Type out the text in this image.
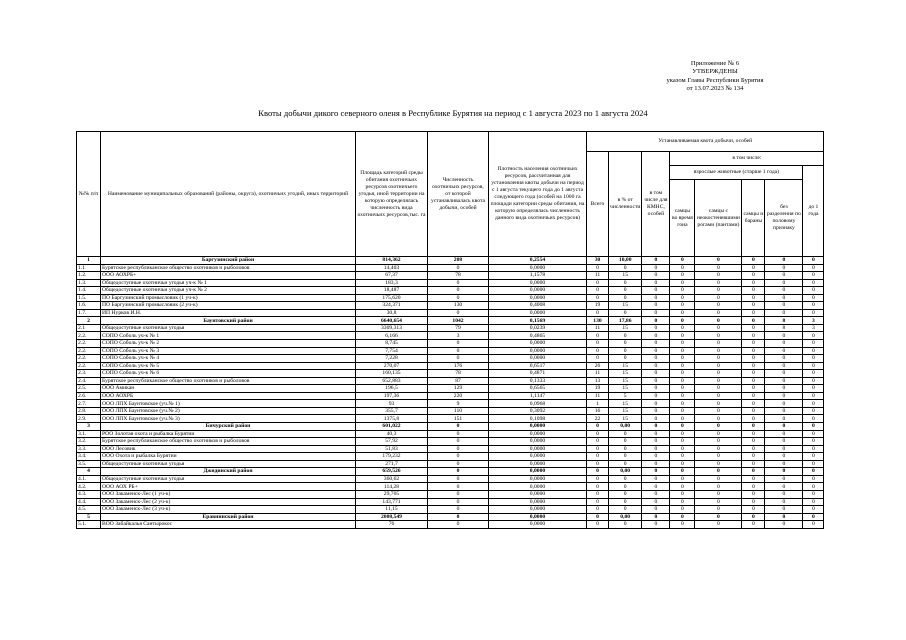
Приложение № 6
УТВЕРЖДЕНЫ
указом Главы Республики Бурятия
от 13.07.2023 № 134
Квоты добычи дикого северного оленя в Республике Бурятия на период с 1 августа 2023 по 1 августа 2024
№№ п/п	Наименование муниципальных образований (районы, округа), охотничьих угодий, иных территорий	Площадь категорий среды обитания охотничьих ресурсов охотничьего угодья, иной территории на которую определялась численность вида охотничьих ресурсов,тыс. га	Численность охотничьих ресурсов, от которой устанавливалась квота добычи, особей	Плотность населения охотничьих ресурсов, рассчитанная для установления квоты добычи на период с 1 августа текущего года до 1 августа следующего года (особей на 1000 га площади категории среды обитания, на которую определялась численность данного вида охотничьих ресурсов)	Устанавливаемая квота добычи, особей							
					Всего	в % от численности	в том числе для КМНС, особей	в том числе:				
								взрослые животные (старше 1 года)				до 1 года
								самцы во время гона	самцы с неокостеневшими рогами (пантами)	самцы и бараны	без разделения по половому признаку	
1	Баргузинский район	814,362	208	0,2554	30	10,00	0	0	0	0	0	0
1.1	Бурятское республиканское общество охотников и рыболовов	14,403	0	0,0000	0	0	0	0	0	0	0	0
1.2.	ООО АОХРБ+	67,37	78	1,1578	11	15	0	0	0	0	0	0
1.3.	Общедоступные охотничьи угодья уч-к № 1	183,3	0	0,0000	0	0	0	0	0	0	0	0
1.4.	Общедоступные охотничьи угодья уч-к № 2	18,487	0	0,0000	0	0	0	0	0	0	0	0
1.5.	ПО Баргузинский промысловик (1 уч-к)	175,620	0	0,0000	0	0	0	0	0	0	0	0
1.6.	ПО Баргузинский промысловик (2 уч-к)	324,371	130	0,4008	19	15	0	0	0	0	0	0
1.7.	ИП Нурков И.Н.	30,8	0	0,0000	0	0	0	0	0	0	0	0
2	Баунтовский район	6640,654	1042	0,1569	130	17,86	0	0	0	0	8	3
2.1	Общедоступные охотничьи угодья	3309,313	79	0,0239	11	15	0	0	0	0	8	3
2.2.	СОПО Соболь уч-к № 1	6,166	3	0,4865	0	0	0	0	0	0	0	0
2.2.	СОПО Соболь уч-к № 2	8,745	0	0,0000	0	0	0	0	0	0	0	0
2.2.	СОПО Соболь уч-к № 3	7,754	0	0,0000	0	0	0	0	0	0	0	0
2.2.	СОПО Соболь уч-к № 4	7,228	0	0,0000	0	0	0	0	0	0	0	0
2.2.	СОПО Соболь уч-к № 5	270,07	176	0,6517	26	15	0	0	0	0	0	0
2.3.	СОПО Соболь уч-к № 6	160,135	78	0,4871	11	15	0	0	0	0	0	0
2.4.	Бурятское республиканское общество охотников и рыболовов	652,883	87	0,1333	13	15	0	0	0	0	0	0
2.5.	ООО Амикан	196,5	129	0,6565	19	15	0	0	0	0	0	0
2.6.	ООО АОХРБ	197,36	220	1,1147	11	5	0	0	0	0	0	0
2.7.	ООО ЛПХ Баунтовское (уч.№ 1)	93	9	0,0968	1	15	0	0	0	0	0	0
2.8.	ООО ЛПХ Баунтовское (уч.№ 2)	355,7	110	0,3092	16	15	0	0	0	0	0	0
2.9.	ООО ЛПХ Баунтовское (уч.№ 3)	1375,8	151	0,1098	22	15	0	0	0	0	0	0
3	Бичурский район	601,022	0	0,0000	0	0,00	0	0	0	0	0	0
3.1.	РОО Золотая охота и рыбалка Бурятии	40,3	0	0,0000	0	0	0	0	0	0	0	0
3.2.	Бурятское республиканское общество охотников и рыболовов	57,92	0	0,0000	0	0	0	0	0	0	0	0
3.3.	ООО Лесовик	51,83	0	0,0000	0	0	0	0	0	0	0	0
3.4.	ООО Охота и рыбалка Бурятии	179,232	0	0,0000	0	0	0	0	0	0	0	0
3.5.	Общедоступные охотничьи угодья	271,7	0	0,0000	0	0	0	0	0	0	0	0
4	Джидинский район	659,526	0	0,0000	0	0,00	0	0	0	0	0	0
4.1.	Общедоступные охотничьи угодья	360,62	0	0,0000	0	0	0	0	0	0	0	0
4.2.	ООО АОХ РБ+	114,28	0	0,0000	0	0	0	0	0	0	0	0
4.3.	ООО Закаменск-Лес (1 уч-к)	29,705	0	0,0000	0	0	0	0	0	0	0	0
4.4.	ООО Закаменск-Лес (2 уч-к)	143,771	0	0,0000	0	0	0	0	0	0	0	0
4.5.	ООО Закаменск-Лес (3 уч-к)	11,15	0	0,0000	0	0	0	0	0	0	0	0
5	Еравнинский район	2008,549	0	0,0000	0	0,00	0	0	0	0	0	0
5.1.	ВОО Забайкалья Сантырокос	76	0	0,0000	0	0	0	0	0	0	0	0
